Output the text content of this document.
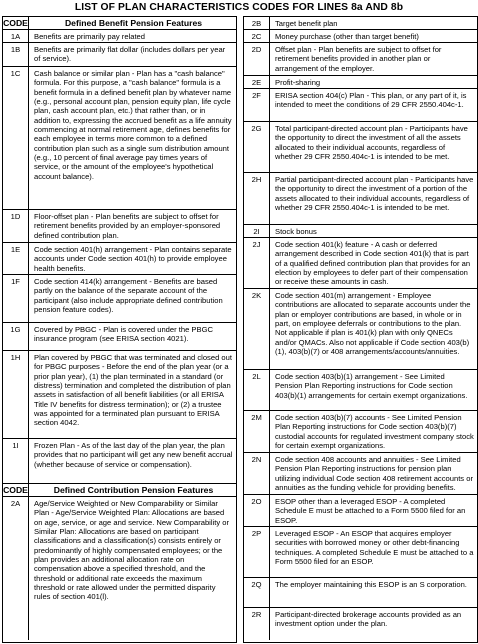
LIST OF PLAN CHARACTERISTICS CODES FOR LINES 8a AND 8b
CODE	Defined Benefit Pension Features
1A	Benefits are primarily pay related
1B	Benefits are primarily flat dollar (includes dollars per year of service).
1C	Cash balance or similar plan - Plan has a "cash balance" formula. For this purpose, a "cash balance" formula is a benefit formula in a defined benefit plan by whatever name (e.g., personal account plan, pension equity plan, life cycle plan, cash account plan, etc.) that rather than, or in addition to, expressing the accrued benefit as a life annuity commencing at normal retirement age, defines benefits for each employee in terms more common to a defined contribution plan such as a single sum distribution amount (e.g., 10 percent of final average pay times years of service, or the amount of the employee's hypothetical account balance).
1D	Floor-offset plan - Plan benefits are subject to offset for retirement benefits provided by an employer-sponsored defined contribution plan.
1E	Code section 401(h) arrangement - Plan contains separate accounts under Code section 401(h) to provide employee health benefits.
1F	Code section 414(k) arrangement - Benefits are based partly on the balance of the separate account of the participant (also include appropriate defined contribution pension feature codes).
1G	Covered by PBGC - Plan is covered under the PBGC insurance program (see ERISA section 4021).
1H	Plan covered by PBGC that was terminated and closed out for PBGC purposes - Before the end of the plan year (or a prior plan year), (1) the plan terminated in a standard (or distress) termination and completed the distribution of plan assets in satisfaction of all benefit liabilities (or all ERISA Title IV benefits for distress termination); or (2) a trustee was appointed for a terminated plan pursuant to ERISA section 4042.
1I	Frozen Plan - As of the last day of the plan year, the plan provides that no participant will get any new benefit accrual (whether because of service or compensation).
CODE	Defined Contribution Pension Features
2A	Age/Service Weighted or New Comparability or Similar Plan - Age/Service Weighted Plan: Allocations are based on age, service, or age and service. New Comparability or Similar Plan: Allocations are based on participant classifications and a classification(s) consists entirely or predominantly of highly compensated employees; or the plan provides an additional allocation rate on compensation above a specified threshold, and the threshold or additional rate exceeds the maximum threshold or rate allowed under the permitted disparity rules of section 401(l).
2B	Target benefit plan
2C	Money purchase (other than target benefit)
2D	Offset plan - Plan benefits are subject to offset for retirement benefits provided in another plan or arrangement of the employer.
2E	Profit-sharing
2F	ERISA section 404(c) Plan - This plan, or any part of it, is intended to meet the conditions of 29 CFR 2550.404c-1.
2G	Total participant-directed account plan - Participants have the opportunity to direct the investment of all the assets allocated to their individual accounts, regardless of whether 29 CFR 2550.404c-1 is intended to be met.
2H	Partial participant-directed account plan - Participants have the opportunity to direct the investment of a portion of the assets allocated to their individual accounts, regardless of whether 29 CFR 2550.404c-1 is intended to be met.
2I	Stock bonus
2J	Code section 401(k) feature - A cash or deferred arrangement described in Code section 401(k) that is part of a qualified defined contribution plan that provides for an election by employees to defer part of their compensation or receive these amounts in cash.
2K	Code section 401(m) arrangement - Employee contributions are allocated to separate accounts under the plan or employer contributions are based, in whole or in part, on employee deferrals or contributions to the plan. Not applicable if plan is 401(k) plan with only QNECs and/or QMACs. Also not applicable if Code section 403(b)(1), 403(b)(7) or 408 arrangements/accounts/annuities.
2L	Code section 403(b)(1) arrangement - See Limited Pension Plan Reporting instructions for Code section 403(b)(1) arrangements for certain exempt organizations.
2M	Code section 403(b)(7) accounts - See Limited Pension Plan Reporting instructions for Code section 403(b)(7) custodial accounts for regulated investment company stock for certain exempt organizations.
2N	Code section 408 accounts and annuities - See Limited Pension Plan Reporting instructions for pension plan utilizing individual Code section 408 retirement accounts or annuities as the funding vehicle for providing benefits.
2O	ESOP other than a leveraged ESOP - A completed Schedule E must be attached to a Form 5500 filed for an ESOP.
2P	Leveraged ESOP - An ESOP that acquires employer securities with borrowed money or other debt-financing techniques. A completed Schedule E must be attached to a Form 5500 filed for an ESOP.
2Q	The employer maintaining this ESOP is an S corporation.
2R	Participant-directed brokerage accounts provided as an investment option under the plan.
